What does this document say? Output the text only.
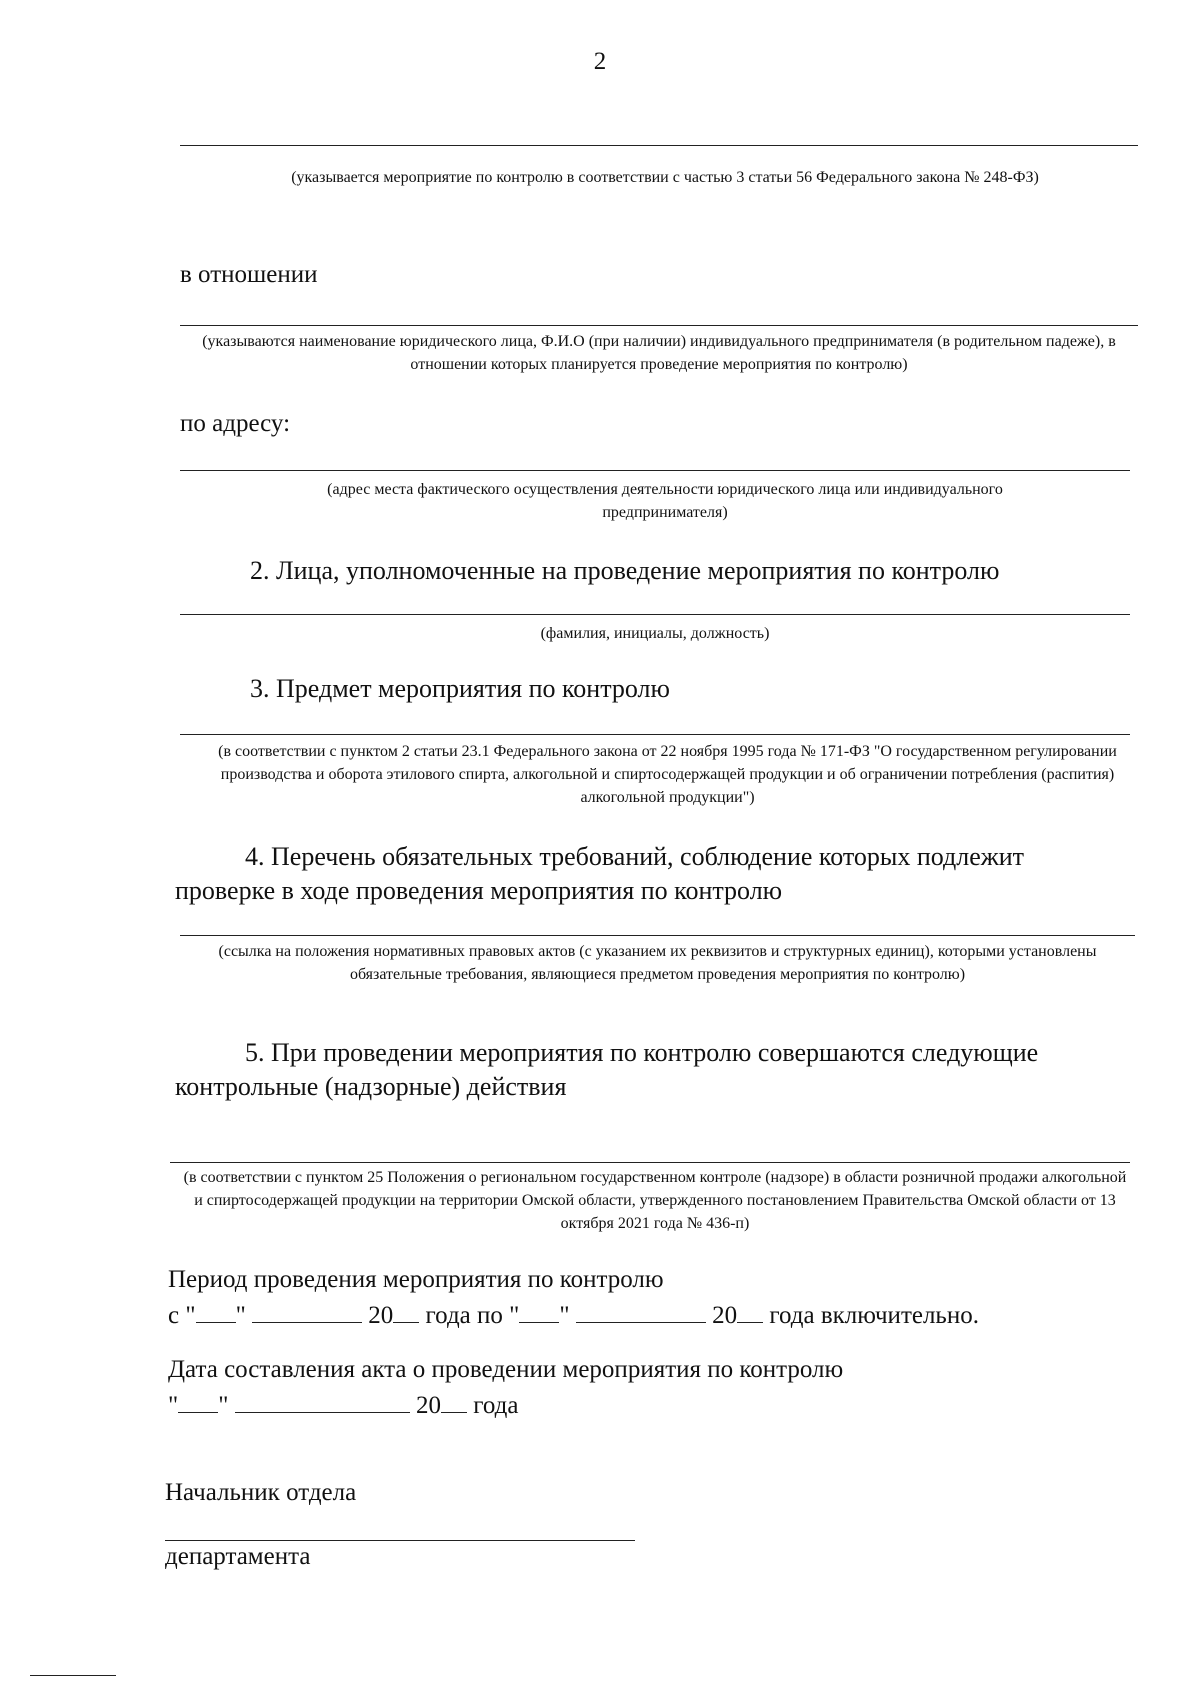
2
(указывается мероприятие по контролю в соответствии с частью 3 статьи 56 Федерального закона № 248-ФЗ)
в отношении
(указываются наименование юридического лица, Ф.И.О (при наличии) индивидуального предпринимателя (в родительном падеже), в отношении которых планируется проведение мероприятия по контролю)
по адресу:
(адрес места фактического осуществления деятельности юридического лица или индивидуального предпринимателя)
2. Лица, уполномоченные на проведение мероприятия по контролю
(фамилия, инициалы, должность)
3. Предмет мероприятия по контролю
(в соответствии с пунктом 2 статьи 23.1 Федерального закона от 22 ноября 1995 года № 171-ФЗ "О государственном регулировании производства и оборота этилового спирта, алкогольной и спиртосодержащей продукции и об ограничении потребления (распития) алкогольной продукции")
4. Перечень обязательных требований, соблюдение которых подлежит
проверке в ходе проведения мероприятия по контролю
(ссылка на положения нормативных правовых актов (с указанием их реквизитов и структурных единиц), которыми установлены обязательные требования, являющиеся предметом проведения мероприятия по контролю)
5. При проведении мероприятия по контролю совершаются следующие
контрольные (надзорные) действия
(в соответствии с пунктом 25 Положения о региональном государственном контроле (надзоре) в области розничной продажи алкогольной и спиртосодержащей продукции на территории Омской области, утвержденного постановлением Правительства Омской области от 13 октября 2021 года № 436-п)
Период проведения мероприятия по контролю
с " "	20 года по " "	20 года включительно.
Дата составления акта о проведении мероприятия по контролю
" "	20 года
Начальник отдела
департамента
